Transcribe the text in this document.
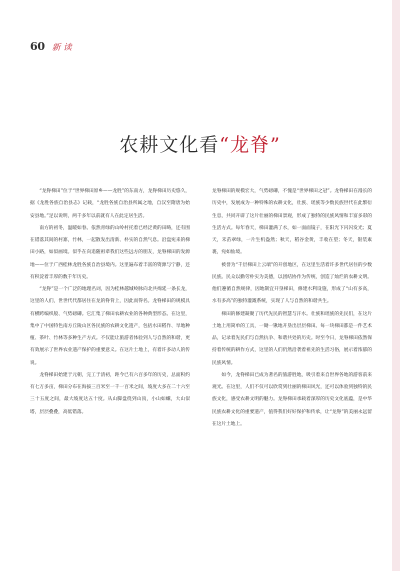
60 新 读
农耕文化看“龙脊”

“龙脊梯田”位于“世界梯田原乡——龙胜”的东南方，龙脊梯田历史悠久，据《龙胜各族自治县志》记载，“龙胜各族自治县所属之地，自汉至隋唐为始安县地。”足以说明，两千多年以前就有人在此定居生活。

南方的初冬，温暖如春。依然青绿的山岭村托着已经泛黄的田畴，还有围在错落其间的村寨，竹林，一起散发出清新、朴实的自然气息。沿盘宛来的梯田小路，如似画境。似乎在向追随祖辈我们这些远方的朋友，龙脊梯田的发源地——位于广西桂林龙胜各族自治县境内。这里遍布着丰富的资源与宁静，还有积淀着丰厚的数千年历史。

“龙脊”是一个广泛的地理名词，因为桂林越城岭脉向北共绵延一条长龙，这里的人们，世世代代都居住在龙的脊背上，因此而得名。龙脊梯田的规模具有横跨编织般、气势磅礴。它汇集了梯田农耕农业的各种典型形态。在这里，集中了中国特色南方丘陵山区各民族的农耕文化遗产，包括水田稻作、旱地种植、茶叶、竹林等多种生产方式。不仅能让旅游者体验到人与自然的和谐，更有效展示了世界农业遗产保护的重要意义。在这片土地上，有着许多动人的传说。

龙脊梯田始建于元朝，完工于清初，距今已有六百多年的历史，总面积约有七万多亩，梯田分布在海拔三百米至一千一百米之间，坡度大多在二十六至三十五度之间，最大坡度达五十度。从山脚盘绕到山顶，小山如螺，大山似塔，层层叠叠，高低错落。

龙脊梯田的规模宏大，气势磅礴，不愧是“世界梯田之冠”。龙脊梯田在漫长的历史中，发展成为一种特殊的农耕文化，壮族、瑶族等少数民族世代在此繁衍生息，共同开辟了这片壮丽的梯田景观，形成了独特的民族风情和丰富多彩的生活方式。每年春天，梯田灌满了水，如一面面镜子，在阳光下闪闪发光；夏天，禾苗翠绿，一片生机盎然；秋天，稻谷金黄，丰收在望；冬天，银装素裹，宛如仙境。

被誉为“千层梯田上云端”的开创地区，在这里生活着许多世代居住的少数民族。民众以勤劳朴实为美德，以团结协作为传统，创造了灿烂的农耕文明。他们遵循自然规律，因地制宜开垦梯田，修建水利设施，形成了“山有多高，水有多高”的独特灌溉系统，实现了人与自然的和谐共生。

梯田的修建凝聚了历代先民的智慧与汗水。壮族和瑶族的先民们，在这片土地上用简单的工具，一锄一锹地开垦出层层梯田。每一块梯田都是一件艺术品，记录着先民们与自然抗争、和谐共处的历史。时至今日，龙脊梯田依然保持着传统的耕作方式，这里的人们仍然沿袭着祖先的生活习俗，展示着浓郁的民族风情。

如今，龙脊梯田已成为著名的旅游胜地，吸引着来自世界各地的游客前来观光。在这里，人们不仅可以欣赏到壮丽的梯田风光，还可以体验到独特的民族文化，感受农耕文明的魅力。龙脊梯田承载着深厚的历史文化底蕴，是中华民族农耕文化的重要遗产，值得我们好好保护和传承，让“龙脊”的美丽永远留在这片土地上。
